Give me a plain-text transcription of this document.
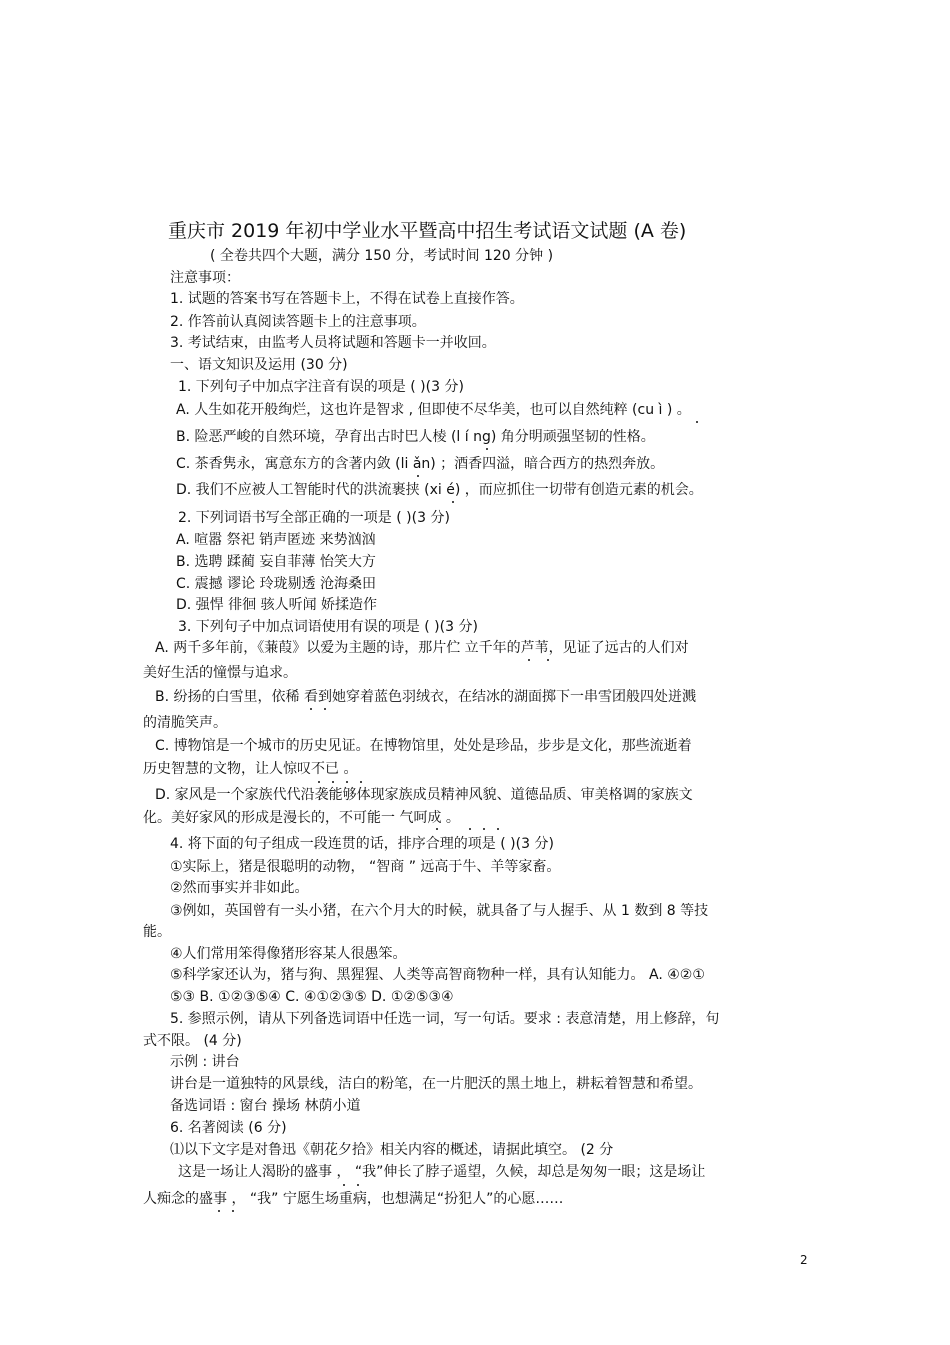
重庆市 2019 年初中学业水平暨高中招生考试语文试题 (A 卷)
( 全卷共四个大题，满分 150 分，考试时间 120 分钟 )
注意事项：
1. 试题的答案书写在答题卡上，不得在试卷上直接作答。
2. 作答前认真阅读答题卡上的注意事项。
3. 考试结束，由监考人员将试题和答题卡一并收回。
一、语文知识及运用 (30 分)
1. 下列句子中加点字注音有误的项是 ( )(3 分)
A. 人生如花开般绚烂，这也许是智求 , 但即使不尽华美，也可以自然纯粹 (cu ì ) 。
B. 险恶严峻的自然环境，孕育出古时巴人棱 (l í ng) 角分明顽强坚韧的性格。
C. 茶香隽永，寓意东方的含著内敛 (li ǎn) ；酒香四溢，暗合西方的热烈奔放。
D. 我们不应被人工智能时代的洪流裹挟 (xi é) ，而应抓住一切带有创造元素的机会。
2. 下列词语书写全部正确的一项是 ( )(3 分)
A. 喧嚣 祭祀 销声匿迹 来势汹汹
B. 选聘 蹂蔺 妄自菲薄 怡笑大方
C. 震撼 谬论 玲珑剔透 沧海桑田
D. 强悍 徘徊 骇人听闻 娇揉造作
3. 下列句子中加点词语使用有误的项是 ( )(3 分)
A. 两千多年前，《蒹葭》以爱为主题的诗，那片伫 立千年的芦苇，见证了远古的人们对
美好生活的憧憬与追求。
B. 纷扬的白雪里，依稀 看到她穿着蓝色羽绒衣，在结冰的湖面掷下一串雪团般四处迸溅
的清脆笑声。
C. 博物馆是一个城市的历史见证。在博物馆里，处处是珍品，步步是文化，那些流逝着
历史智慧的文物，让人惊叹不已 。
D. 家风是一个家族代代沿袭能够体现家族成员精神风貌、道德品质、审美格调的家族文
化。美好家风的形成是漫长的，不可能一 气呵成 。
4. 将下面的句子组成一段连贯的话，排序合理的项是 ( )(3 分)
①实际上，猪是很聪明的动物， “智商 ” 远高于牛、羊等家畜。
②然而事实并非如此。
③例如，英国曾有一头小猪，在六个月大的时候，就具备了与人握手、从 1 数到 8 等技
能。
④人们常用笨得像猪形容某人很愚笨。
⑤科学家还认为，猪与狗、黑猩猩、人类等高智商物种一样，具有认知能力。 A. ④②①
⑤③ B. ①②③⑤④ C. ④①②③⑤ D. ①②⑤③④
5. 参照示例，请从下列备选词语中任选一词，写一句话。要求 : 表意清楚，用上修辞，句
式不限。 (4 分)
示例 : 讲台
讲台是一道独特的风景线，洁白的粉笔，在一片肥沃的黑土地上，耕耘着智慧和希望。
备选词语 : 窗台 操场 林荫小道
6. 名著阅读 (6 分)
⑴以下文字是对鲁迅《朝花夕拾》相关内容的概述，请据此填空。 (2 分
这是一场让人渴盼的盛事 ， “我”伸长了脖子遥望，久候，却总是匆匆一眼；这是场让
人痴念的盛事 ， “我” 宁愿生场重病，也想满足“扮犯人”的心愿……
2
